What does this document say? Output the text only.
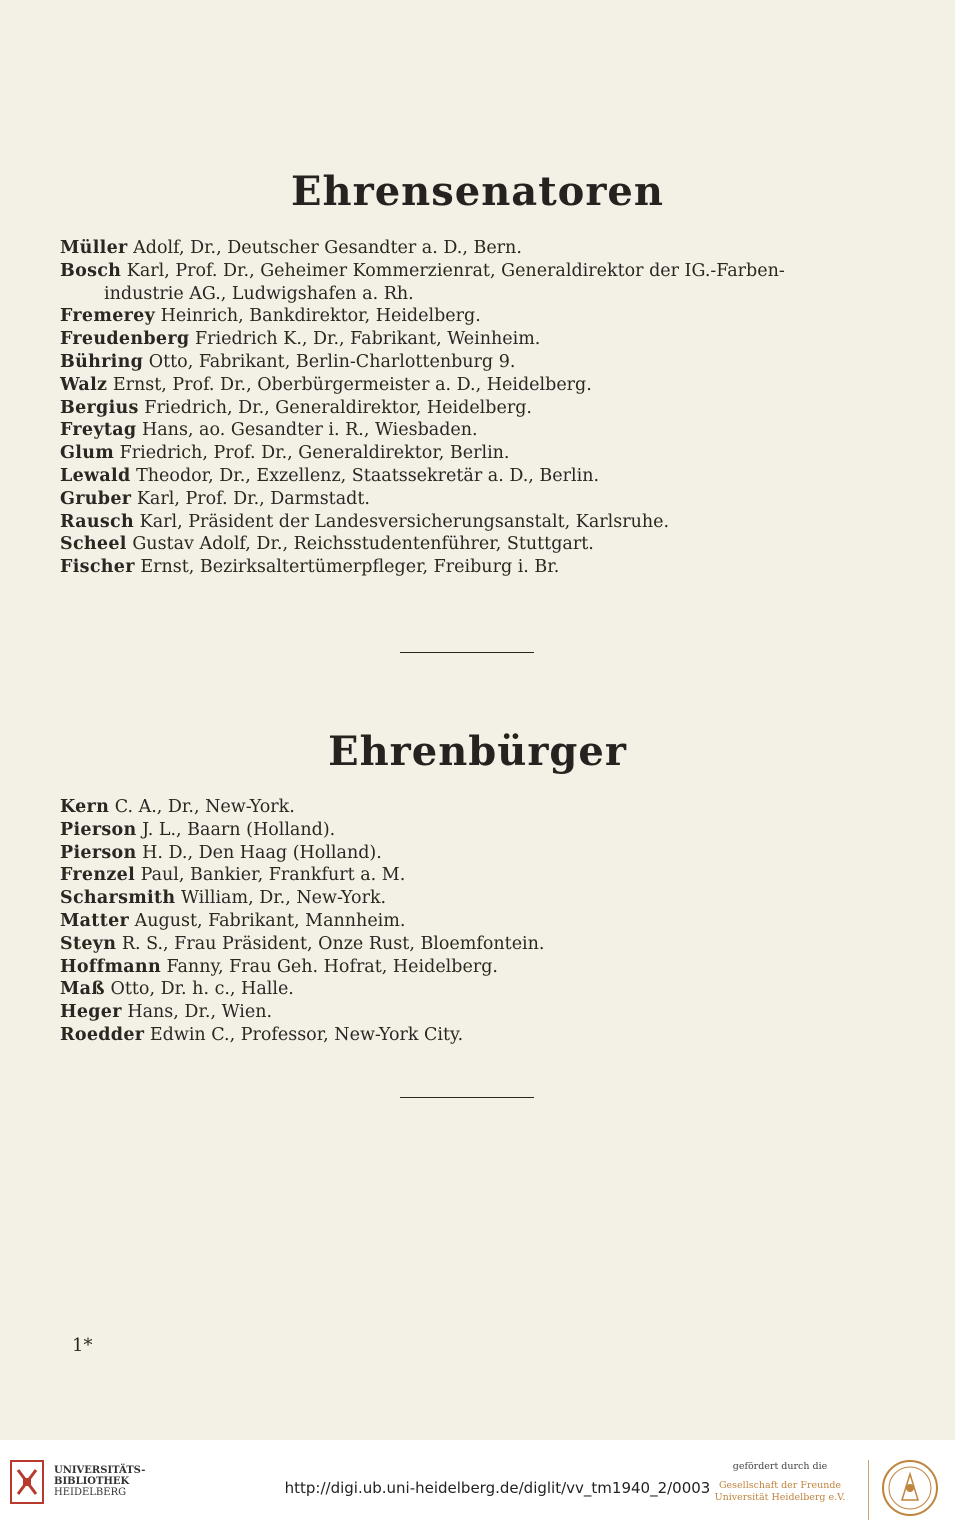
Ehrensenatoren
Müller Adolf, Dr., Deutscher Gesandter a. D., Bern.
Bosch Karl, Prof. Dr., Geheimer Kommerzienrat, Generaldirektor der IG.-Farben-
industrie AG., Ludwigshafen a. Rh.
Fremerey Heinrich, Bankdirektor, Heidelberg.
Freudenberg Friedrich K., Dr., Fabrikant, Weinheim.
Bühring Otto, Fabrikant, Berlin-Charlottenburg 9.
Walz Ernst, Prof. Dr., Oberbürgermeister a. D., Heidelberg.
Bergius Friedrich, Dr., Generaldirektor, Heidelberg.
Freytag Hans, ao. Gesandter i. R., Wiesbaden.
Glum Friedrich, Prof. Dr., Generaldirektor, Berlin.
Lewald Theodor, Dr., Exzellenz, Staatssekretär a. D., Berlin.
Gruber Karl, Prof. Dr., Darmstadt.
Rausch Karl, Präsident der Landesversicherungsanstalt, Karlsruhe.
Scheel Gustav Adolf, Dr., Reichsstudentenführer, Stuttgart.
Fischer Ernst, Bezirksaltertümerpfleger, Freiburg i. Br.
Ehrenbürger
Kern C. A., Dr., New-York.
Pierson J. L., Baarn (Holland).
Pierson H. D., Den Haag (Holland).
Frenzel Paul, Bankier, Frankfurt a. M.
Scharsmith William, Dr., New-York.
Matter August, Fabrikant, Mannheim.
Steyn R. S., Frau Präsident, Onze Rust, Bloemfontein.
Hoffmann Fanny, Frau Geh. Hofrat, Heidelberg.
Maß Otto, Dr. h. c., Halle.
Heger Hans, Dr., Wien.
Roedder Edwin C., Professor, New-York City.
1*
UNIVERSITÄTS-
BIBLIOTHEK
HEIDELBERG	http://digi.ub.uni-heidelberg.de/diglit/vv_tm1940_2/0003
gefördert durch die
Gesellschaft der Freunde
Universität Heidelberg e.V.
